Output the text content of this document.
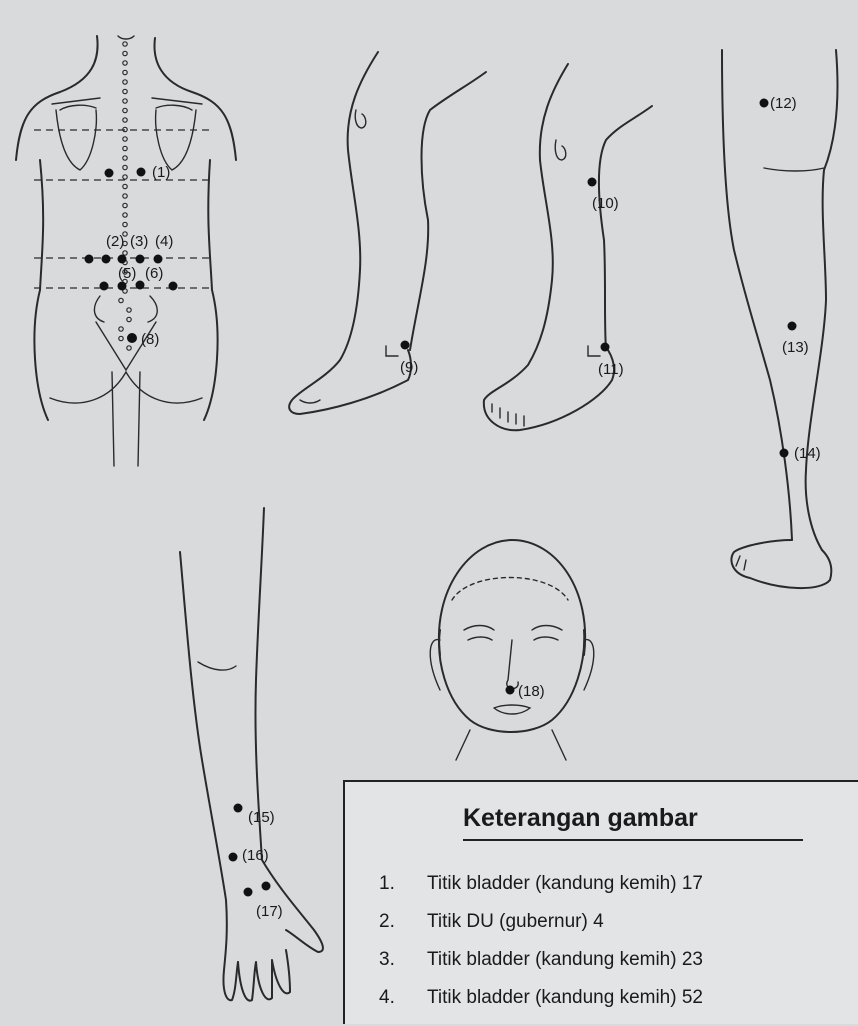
(1)
(2) (3) (4)
(5) (6)
(8)
(9)
(10)
(11)
(12)
(13)
(14)
(18)
(15)
(16)
(17)
Keterangan gambar
1.	Titik bladder (kandung kemih) 17
2.	Titik DU (gubernur) 4
3.	Titik bladder (kandung kemih) 23
4.	Titik bladder (kandung kemih) 52
